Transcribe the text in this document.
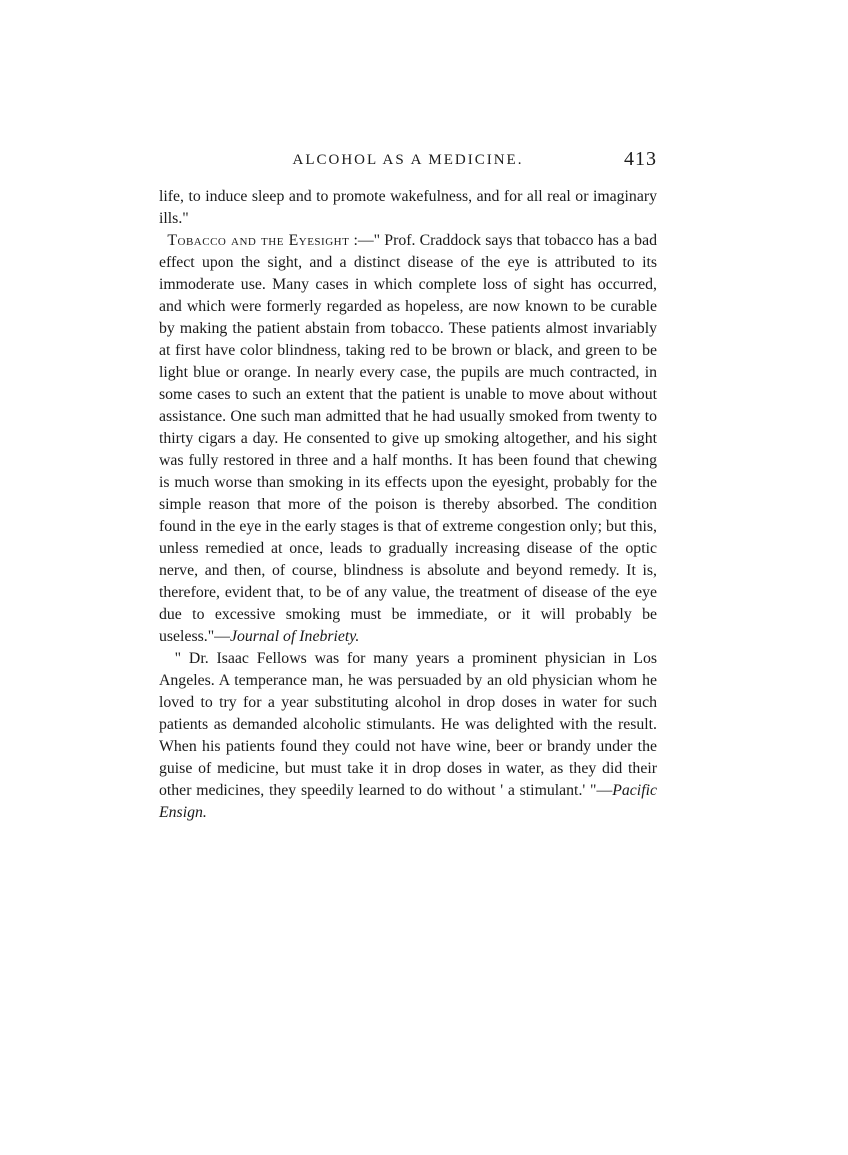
ALCOHOL AS A MEDICINE.	413

life, to induce sleep and to promote wakefulness, and for all real or imaginary ills."

Tobacco and the Eyesight :—" Prof. Craddock says that tobacco has a bad effect upon the sight, and a distinct disease of the eye is attributed to its immoderate use. Many cases in which complete loss of sight has occurred, and which were formerly regarded as hopeless, are now known to be curable by making the patient abstain from tobacco. These patients almost invariably at first have color blindness, taking red to be brown or black, and green to be light blue or orange. In nearly every case, the pupils are much contracted, in some cases to such an extent that the patient is unable to move about without assistance. One such man admitted that he had usually smoked from twenty to thirty cigars a day. He consented to give up smoking altogether, and his sight was fully restored in three and a half months. It has been found that chewing is much worse than smoking in its effects upon the eyesight, probably for the simple reason that more of the poison is thereby absorbed. The condition found in the eye in the early stages is that of extreme congestion only; but this, unless remedied at once, leads to gradually increasing disease of the optic nerve, and then, of course, blindness is absolute and beyond remedy. It is, therefore, evident that, to be of any value, the treatment of disease of the eye due to excessive smoking must be immediate, or it will probably be useless."—Journal of Inebriety.

" Dr. Isaac Fellows was for many years a prominent physician in Los Angeles. A temperance man, he was persuaded by an old physician whom he loved to try for a year substituting alcohol in drop doses in water for such patients as demanded alcoholic stimulants. He was delighted with the result. When his patients found they could not have wine, beer or brandy under the guise of medicine, but must take it in drop doses in water, as they did their other medicines, they speedily learned to do without ' a stimulant.' "—Pacific Ensign.
